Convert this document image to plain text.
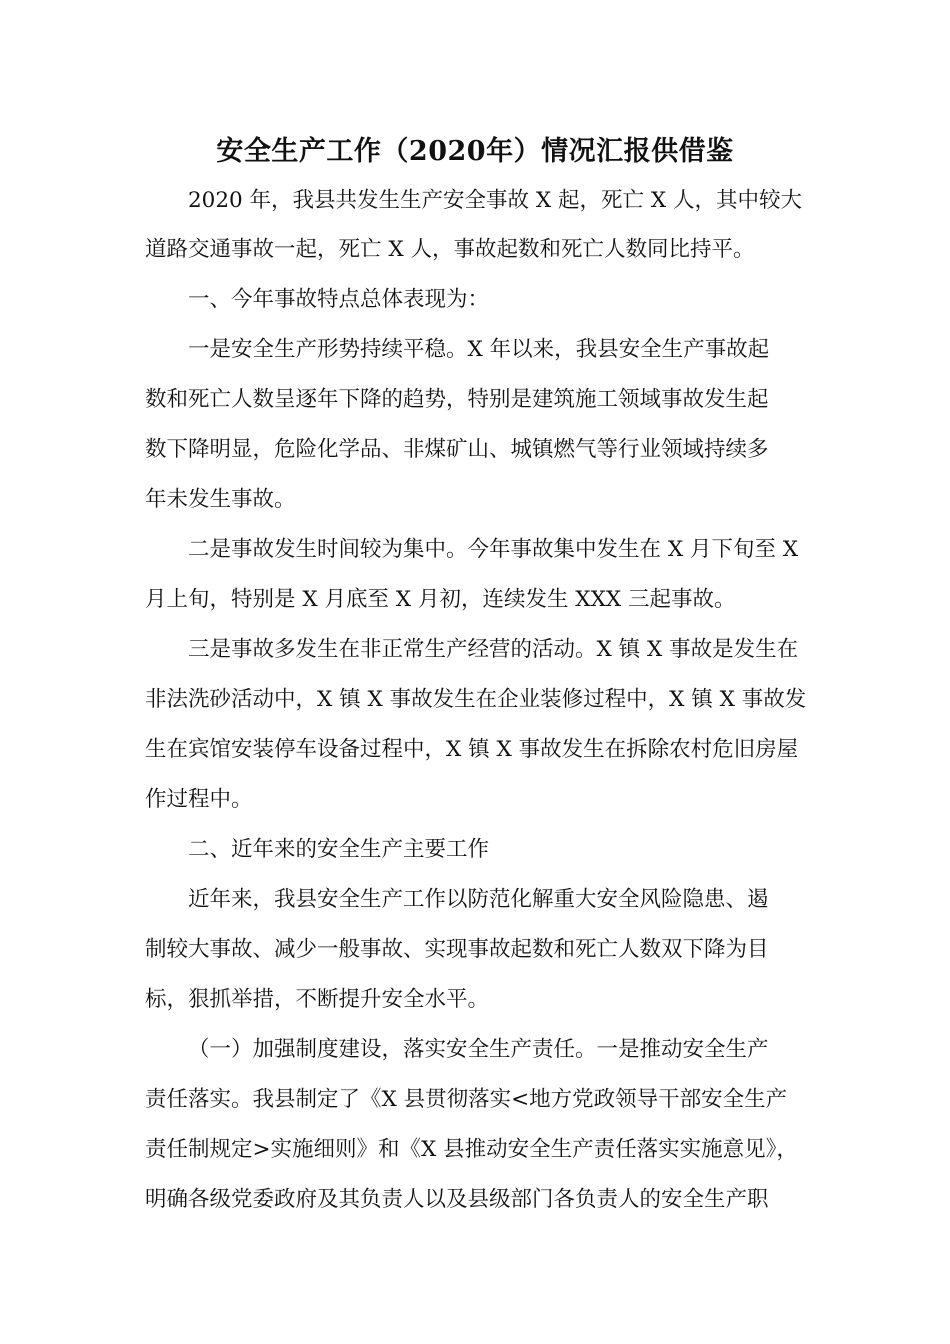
安全生产工作（2020年）情况汇报供借鉴
2020 年，我县共发生生产安全事故 X 起，死亡 X 人，其中较大
道路交通事故一起，死亡 X 人，事故起数和死亡人数同比持平。
一、今年事故特点总体表现为：
一是安全生产形势持续平稳。X 年以来，我县安全生产事故起
数和死亡人数呈逐年下降的趋势，特别是建筑施工领域事故发生起
数下降明显，危险化学品、非煤矿山、城镇燃气等行业领域持续多
年未发生事故。
二是事故发生时间较为集中。今年事故集中发生在 X 月下旬至 X
月上旬，特别是 X 月底至 X 月初，连续发生 XXX 三起事故。
三是事故多发生在非正常生产经营的活动。X 镇 X 事故是发生在
非法洗砂活动中，X 镇 X 事故发生在企业装修过程中，X 镇 X 事故发
生在宾馆安装停车设备过程中，X 镇 X 事故发生在拆除农村危旧房屋
作过程中。
二、近年来的安全生产主要工作
近年来，我县安全生产工作以防范化解重大安全风险隐患、遏
制较大事故、减少一般事故、实现事故起数和死亡人数双下降为目
标，狠抓举措，不断提升安全水平。
（一）加强制度建设，落实安全生产责任。一是推动安全生产
责任落实。我县制定了《X 县贯彻落实<地方党政领导干部安全生产
责任制规定>实施细则》和《X 县推动安全生产责任落实实施意见》，
明确各级党委政府及其负责人以及县级部门各负责人的安全生产职
